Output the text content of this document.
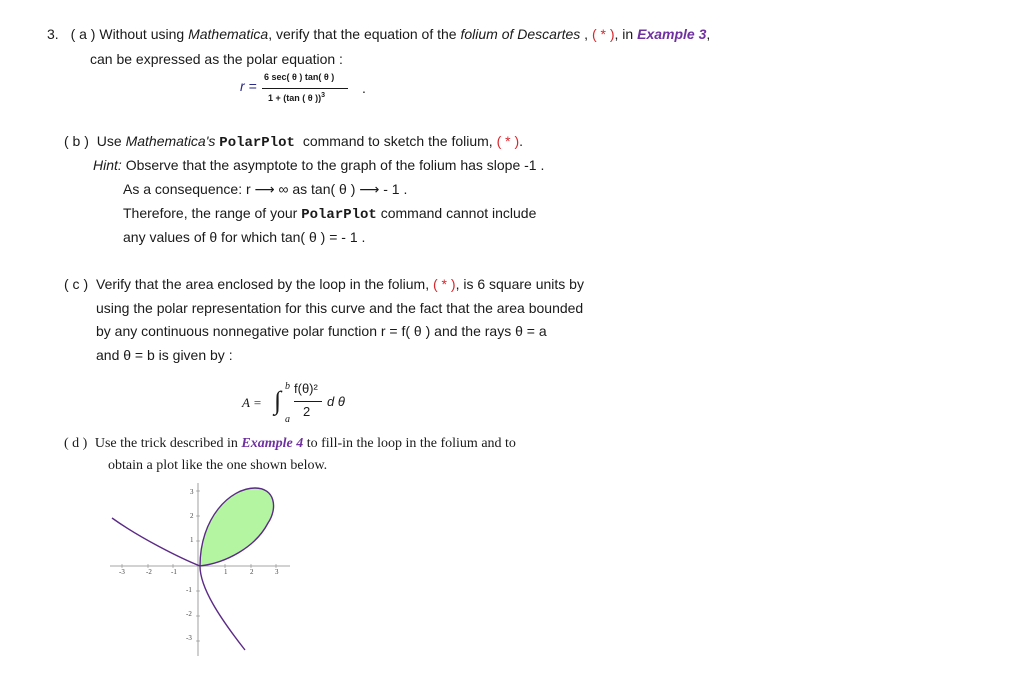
3. ( a ) Without using Mathematica, verify that the equation of the folium of Descartes , ( * ), in Example 3,
can be expressed as the polar equation :
r =
6 sec( θ ) tan( θ )
1 + (tan ( θ ))$^3$	.
( b ) Use Mathematica's PolarPlot command to sketch the folium, ( * ).
Hint: Observe that the asymptote to the graph of the folium has slope -1 .
As a consequence: r ⟶ ∞ as tan( θ ) ⟶ - 1 .
Therefore, the range of your PolarPlot command cannot include
any values of θ for which tan( θ ) = - 1 .
( c ) Verify that the area enclosed by the loop in the folium, ( * ), is 6 square units by
using the polar representation for this curve and the fact that the area bounded
by any continuous nonnegative polar function r = f( θ ) and the rays θ = a
and θ = b is given by :
A = ∫ b
a
f(θ)²
2
d θ
( d ) Use the trick described in Example 4 to fill-in the loop in the folium and to
obtain a plot like the one shown below.
-3	-2	-1	1	2	3
3
2
1
-1
-2
-3
